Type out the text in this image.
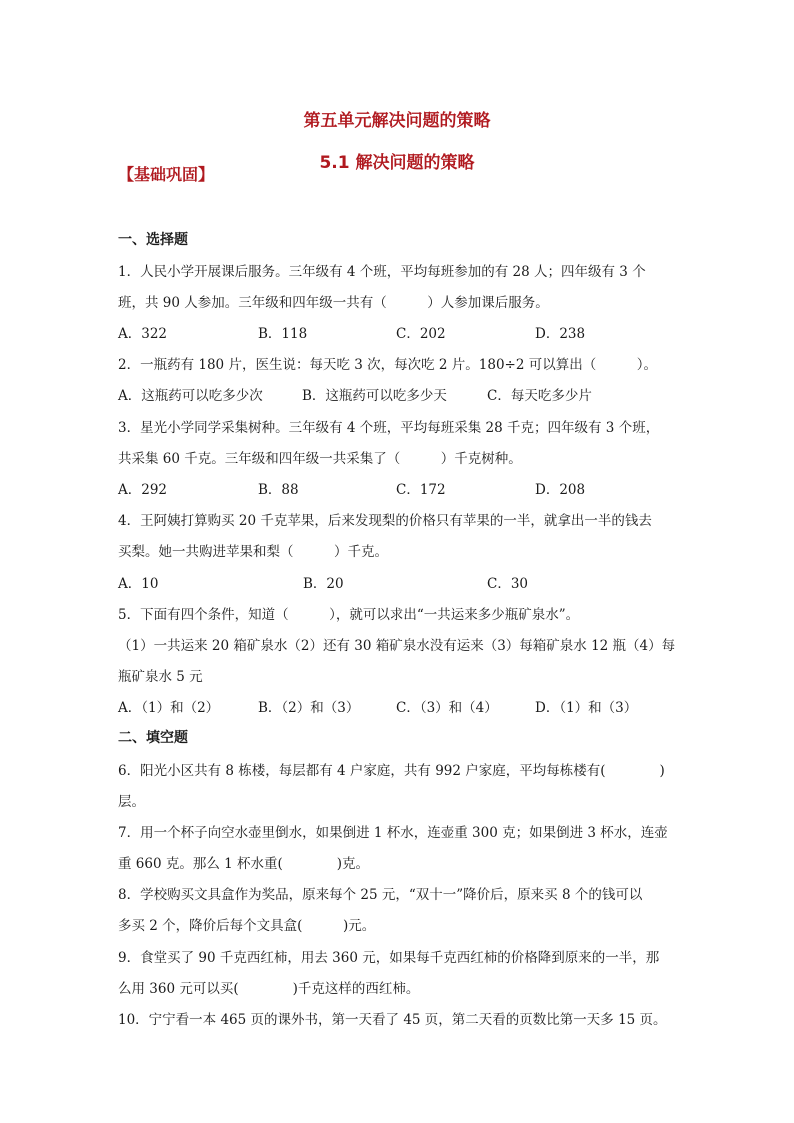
第五单元解决问题的策略
5.1 解决问题的策略
【基础巩固】
一、选择题
1．人民小学开展课后服务。三年级有 4 个班，平均每班参加的有 28 人；四年级有 3 个
班，共 90 人参加。三年级和四年级一共有（　　　）人参加课后服务。
A．322	B．118	C．202	D．238
2．一瓶药有 180 片，医生说：每天吃 3 次，每次吃 2 片。180÷2 可以算出（　　　）。
A．这瓶药可以吃多少次	B．这瓶药可以吃多少天	C．每天吃多少片
3．星光小学同学采集树种。三年级有 4 个班，平均每班采集 28 千克；四年级有 3 个班，
共采集 60 千克。三年级和四年级一共采集了（　　　）千克树种。
A．292	B．88	C．172	D．208
4．王阿姨打算购买 20 千克苹果，后来发现梨的价格只有苹果的一半，就拿出一半的钱去
买梨。她一共购进苹果和梨（　　　）千克。
A．10	B．20	C．30
5．下面有四个条件，知道（　　　），就可以求出“一共运来多少瓶矿泉水”。
（1）一共运来 20 箱矿泉水（2）还有 30 箱矿泉水没有运来（3）每箱矿泉水 12 瓶（4）每
瓶矿泉水 5 元
A．（1）和（2）	B．（2）和（3）	C．（3）和（4）	D．（1）和（3）
二、填空题
6．阳光小区共有 8 栋楼，每层都有 4 户家庭，共有 992 户家庭，平均每栋楼有(　　　　)
层。
7．用一个杯子向空水壶里倒水，如果倒进 1 杯水，连壶重 300 克；如果倒进 3 杯水，连壶
重 660 克。那么 1 杯水重(　　　　)克。
8．学校购买文具盒作为奖品，原来每个 25 元，“双十一”降价后，原来买 8 个的钱可以
多买 2 个，降价后每个文具盒(　　　)元。
9．食堂买了 90 千克西红柿，用去 360 元，如果每千克西红柿的价格降到原来的一半，那
么用 360 元可以买(　　　　)千克这样的西红柿。
10．宁宁看一本 465 页的课外书，第一天看了 45 页，第二天看的页数比第一天多 15 页。
